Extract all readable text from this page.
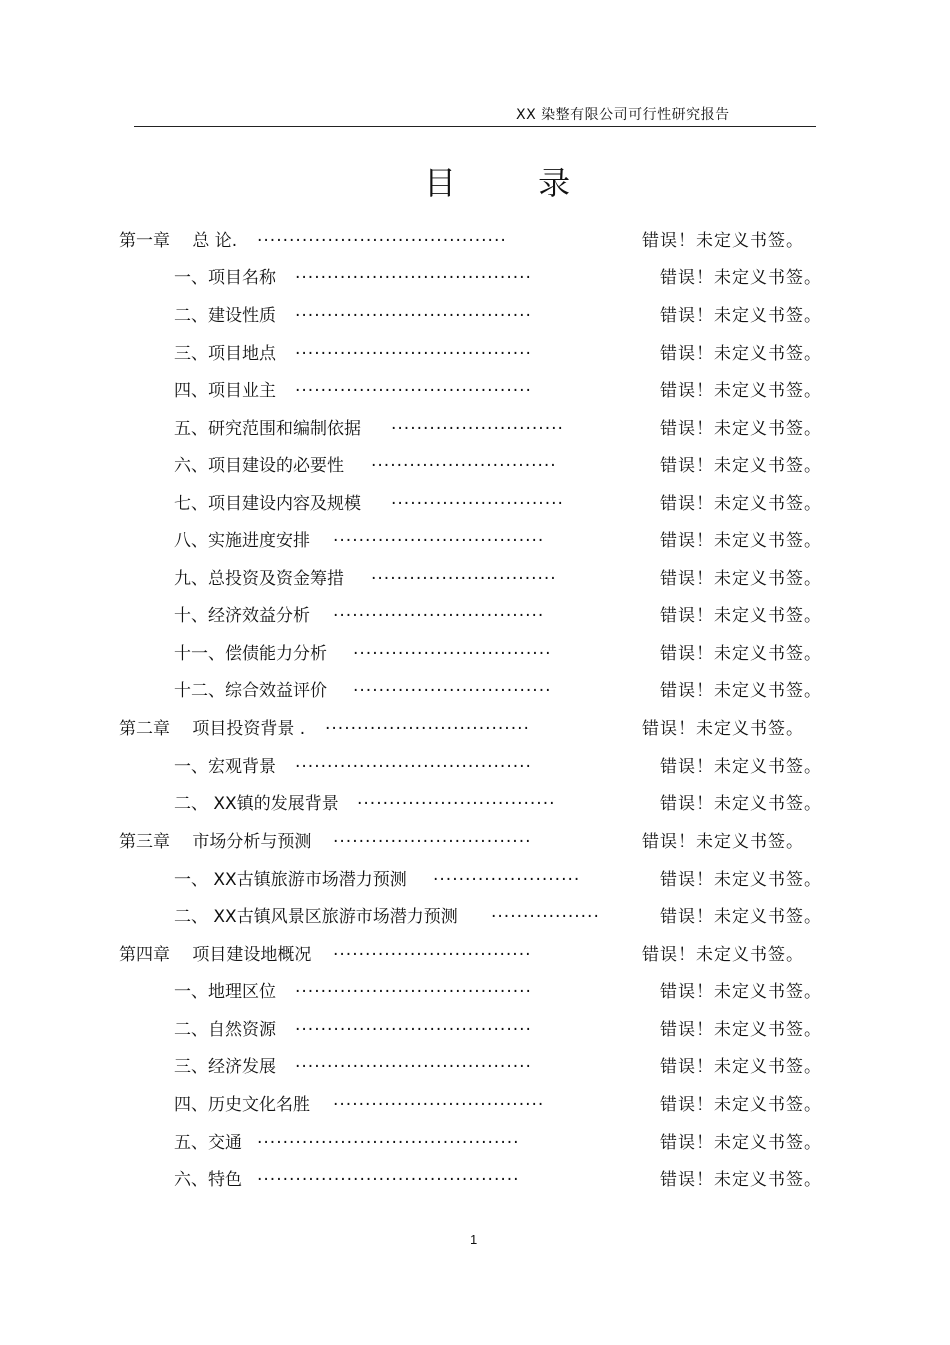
XX 染整有限公司可行性研究报告
目 录
第一章　 总 论. .......................................	错误！未定义书签。
一、项目名称 .....................................	错误！未定义书签。
二、建设性质 .....................................	错误！未定义书签。
三、项目地点 .....................................	错误！未定义书签。
四、项目业主 .....................................	错误！未定义书签。
五、研究范围和编制依据 ...........................	错误！未定义书签。
六、项目建设的必要性 .............................	错误！未定义书签。
七、项目建设内容及规模 ...........................	错误！未定义书签。
八、实施进度安排 .................................	错误！未定义书签。
九、总投资及资金筹措 .............................	错误！未定义书签。
十、经济效益分析 .................................	错误！未定义书签。
十一、偿债能力分析 ...............................	错误！未定义书签。
十二、综合效益评价 ...............................	错误！未定义书签。
第二章　 项目投资背景 . ................................	错误！未定义书签。
一、宏观背景 .....................................	错误！未定义书签。
二、 XX镇的发展背景 ...............................	错误！未定义书签。
第三章　 市场分析与预测 ...............................	错误！未定义书签。
一、 XX古镇旅游市场潜力预测 .......................	错误！未定义书签。
二、 XX古镇风景区旅游市场潜力预测 .................	错误！未定义书签。
第四章　 项目建设地概况 ...............................	错误！未定义书签。
一、地理区位 .....................................	错误！未定义书签。
二、自然资源 .....................................	错误！未定义书签。
三、经济发展 .....................................	错误！未定义书签。
四、历史文化名胜 .................................	错误！未定义书签。
五、交通 .........................................	错误！未定义书签。
六、特色 .........................................	错误！未定义书签。
1
